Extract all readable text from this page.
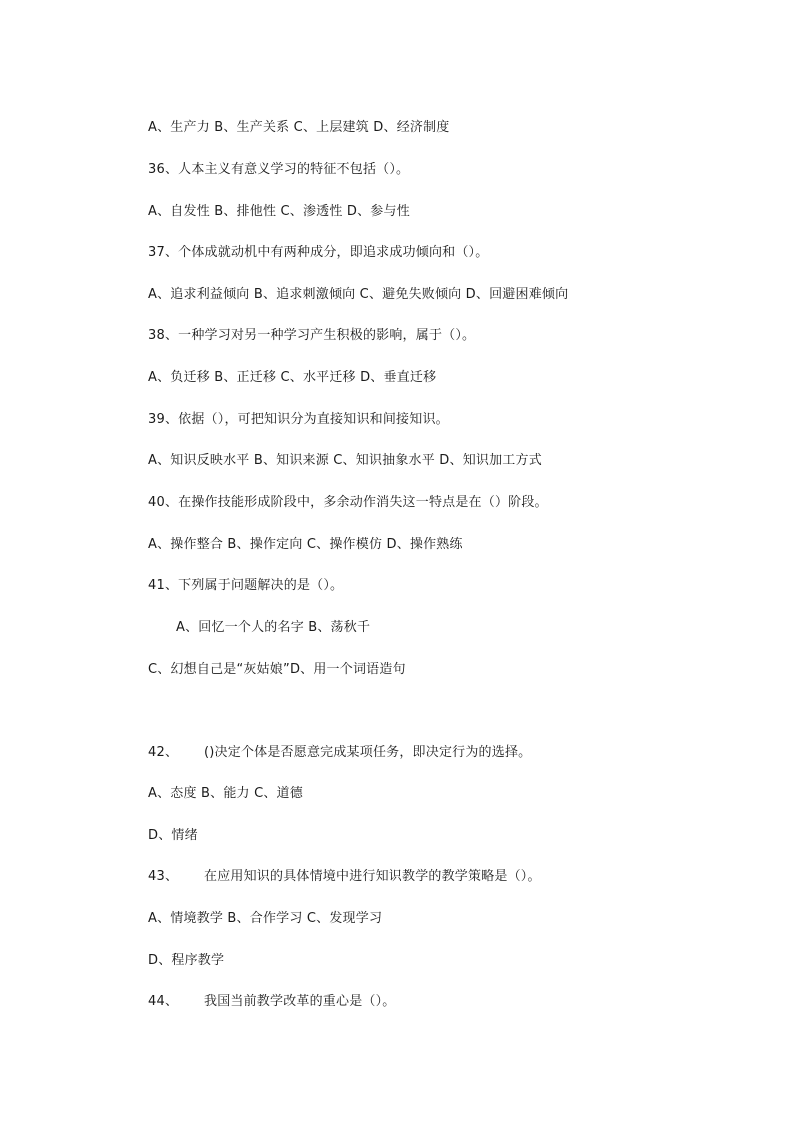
A、生产力 B、生产关系 C、上层建筑 D、经济制度
36、人本主义有意义学习的特征不包括（）。
A、自发性 B、排他性 C、渗透性 D、参与性
37、个体成就动机中有两种成分，即追求成功倾向和（）。
A、追求利益倾向 B、追求刺激倾向 C、避免失败倾向 D、回避困难倾向
38、一种学习对另一种学习产生积极的影响，属于（）。
A、负迁移 B、正迁移 C、水平迁移 D、垂直迁移
39、依据（），可把知识分为直接知识和间接知识。
A、知识反映水平 B、知识来源 C、知识抽象水平 D、知识加工方式
40、在操作技能形成阶段中，多余动作消失这一特点是在（）阶段。
A、操作整合 B、操作定向 C、操作模仿 D、操作熟练
41、下列属于问题解决的是（）。
A、回忆一个人的名字 B、荡秋千
C、幻想自己是“灰姑娘”D、用一个词语造句
42、 ()决定个体是否愿意完成某项任务，即决定行为的选择。
A、态度 B、能力 C、道德
D、情绪
43、 在应用知识的具体情境中进行知识教学的教学策略是（）。
A、情境教学 B、合作学习 C、发现学习
D、程序教学
44、 我国当前教学改革的重心是（）。
